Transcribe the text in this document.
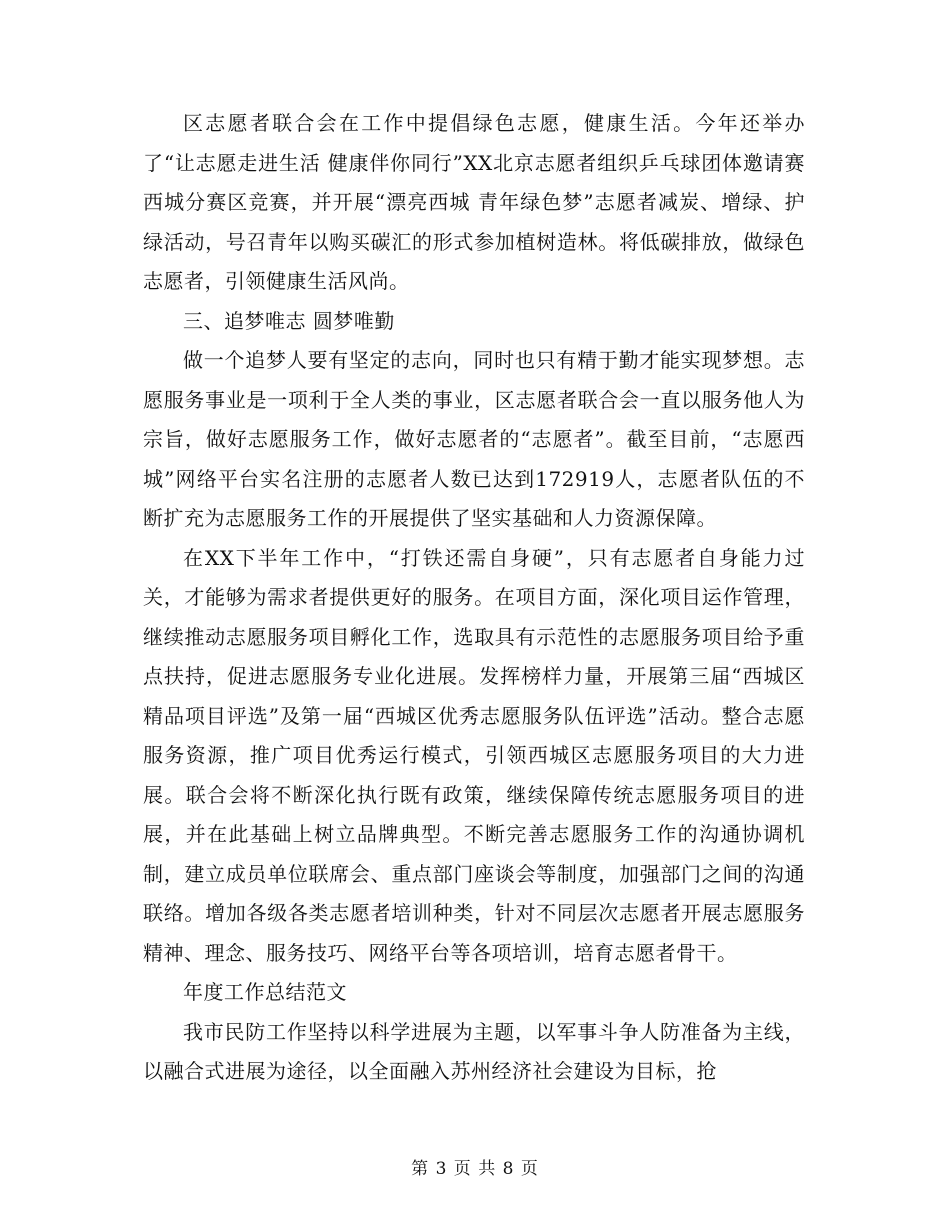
区志愿者联合会在工作中提倡绿色志愿，健康生活。今年还举办了“让志愿走进生活 健康伴你同行”XX北京志愿者组织乒乓球团体邀请赛西城分赛区竞赛，并开展“漂亮西城 青年绿色梦”志愿者减炭、增绿、护绿活动，号召青年以购买碳汇的形式参加植树造林。将低碳排放，做绿色志愿者，引领健康生活风尚。

三、追梦唯志 圆梦唯勤

做一个追梦人要有坚定的志向，同时也只有精于勤才能实现梦想。志愿服务事业是一项利于全人类的事业，区志愿者联合会一直以服务他人为宗旨，做好志愿服务工作，做好志愿者的“志愿者”。截至目前，“志愿西城”网络平台实名注册的志愿者人数已达到172919人，志愿者队伍的不断扩充为志愿服务工作的开展提供了坚实基础和人力资源保障。

在XX下半年工作中，“打铁还需自身硬”，只有志愿者自身能力过关，才能够为需求者提供更好的服务。在项目方面，深化项目运作管理，继续推动志愿服务项目孵化工作，选取具有示范性的志愿服务项目给予重点扶持，促进志愿服务专业化进展。发挥榜样力量，开展第三届“西城区精品项目评选”及第一届“西城区优秀志愿服务队伍评选”活动。整合志愿服务资源，推广项目优秀运行模式，引领西城区志愿服务项目的大力进展。联合会将不断深化执行既有政策，继续保障传统志愿服务项目的进展，并在此基础上树立品牌典型。不断完善志愿服务工作的沟通协调机制，建立成员单位联席会、重点部门座谈会等制度，加强部门之间的沟通联络。增加各级各类志愿者培训种类，针对不同层次志愿者开展志愿服务精神、理念、服务技巧、网络平台等各项培训，培育志愿者骨干。

年度工作总结范文

我市民防工作坚持以科学进展为主题，以军事斗争人防准备为主线，以融合式进展为途径，以全面融入苏州经济社会建设为目标，抢

第 3 页 共 8 页
